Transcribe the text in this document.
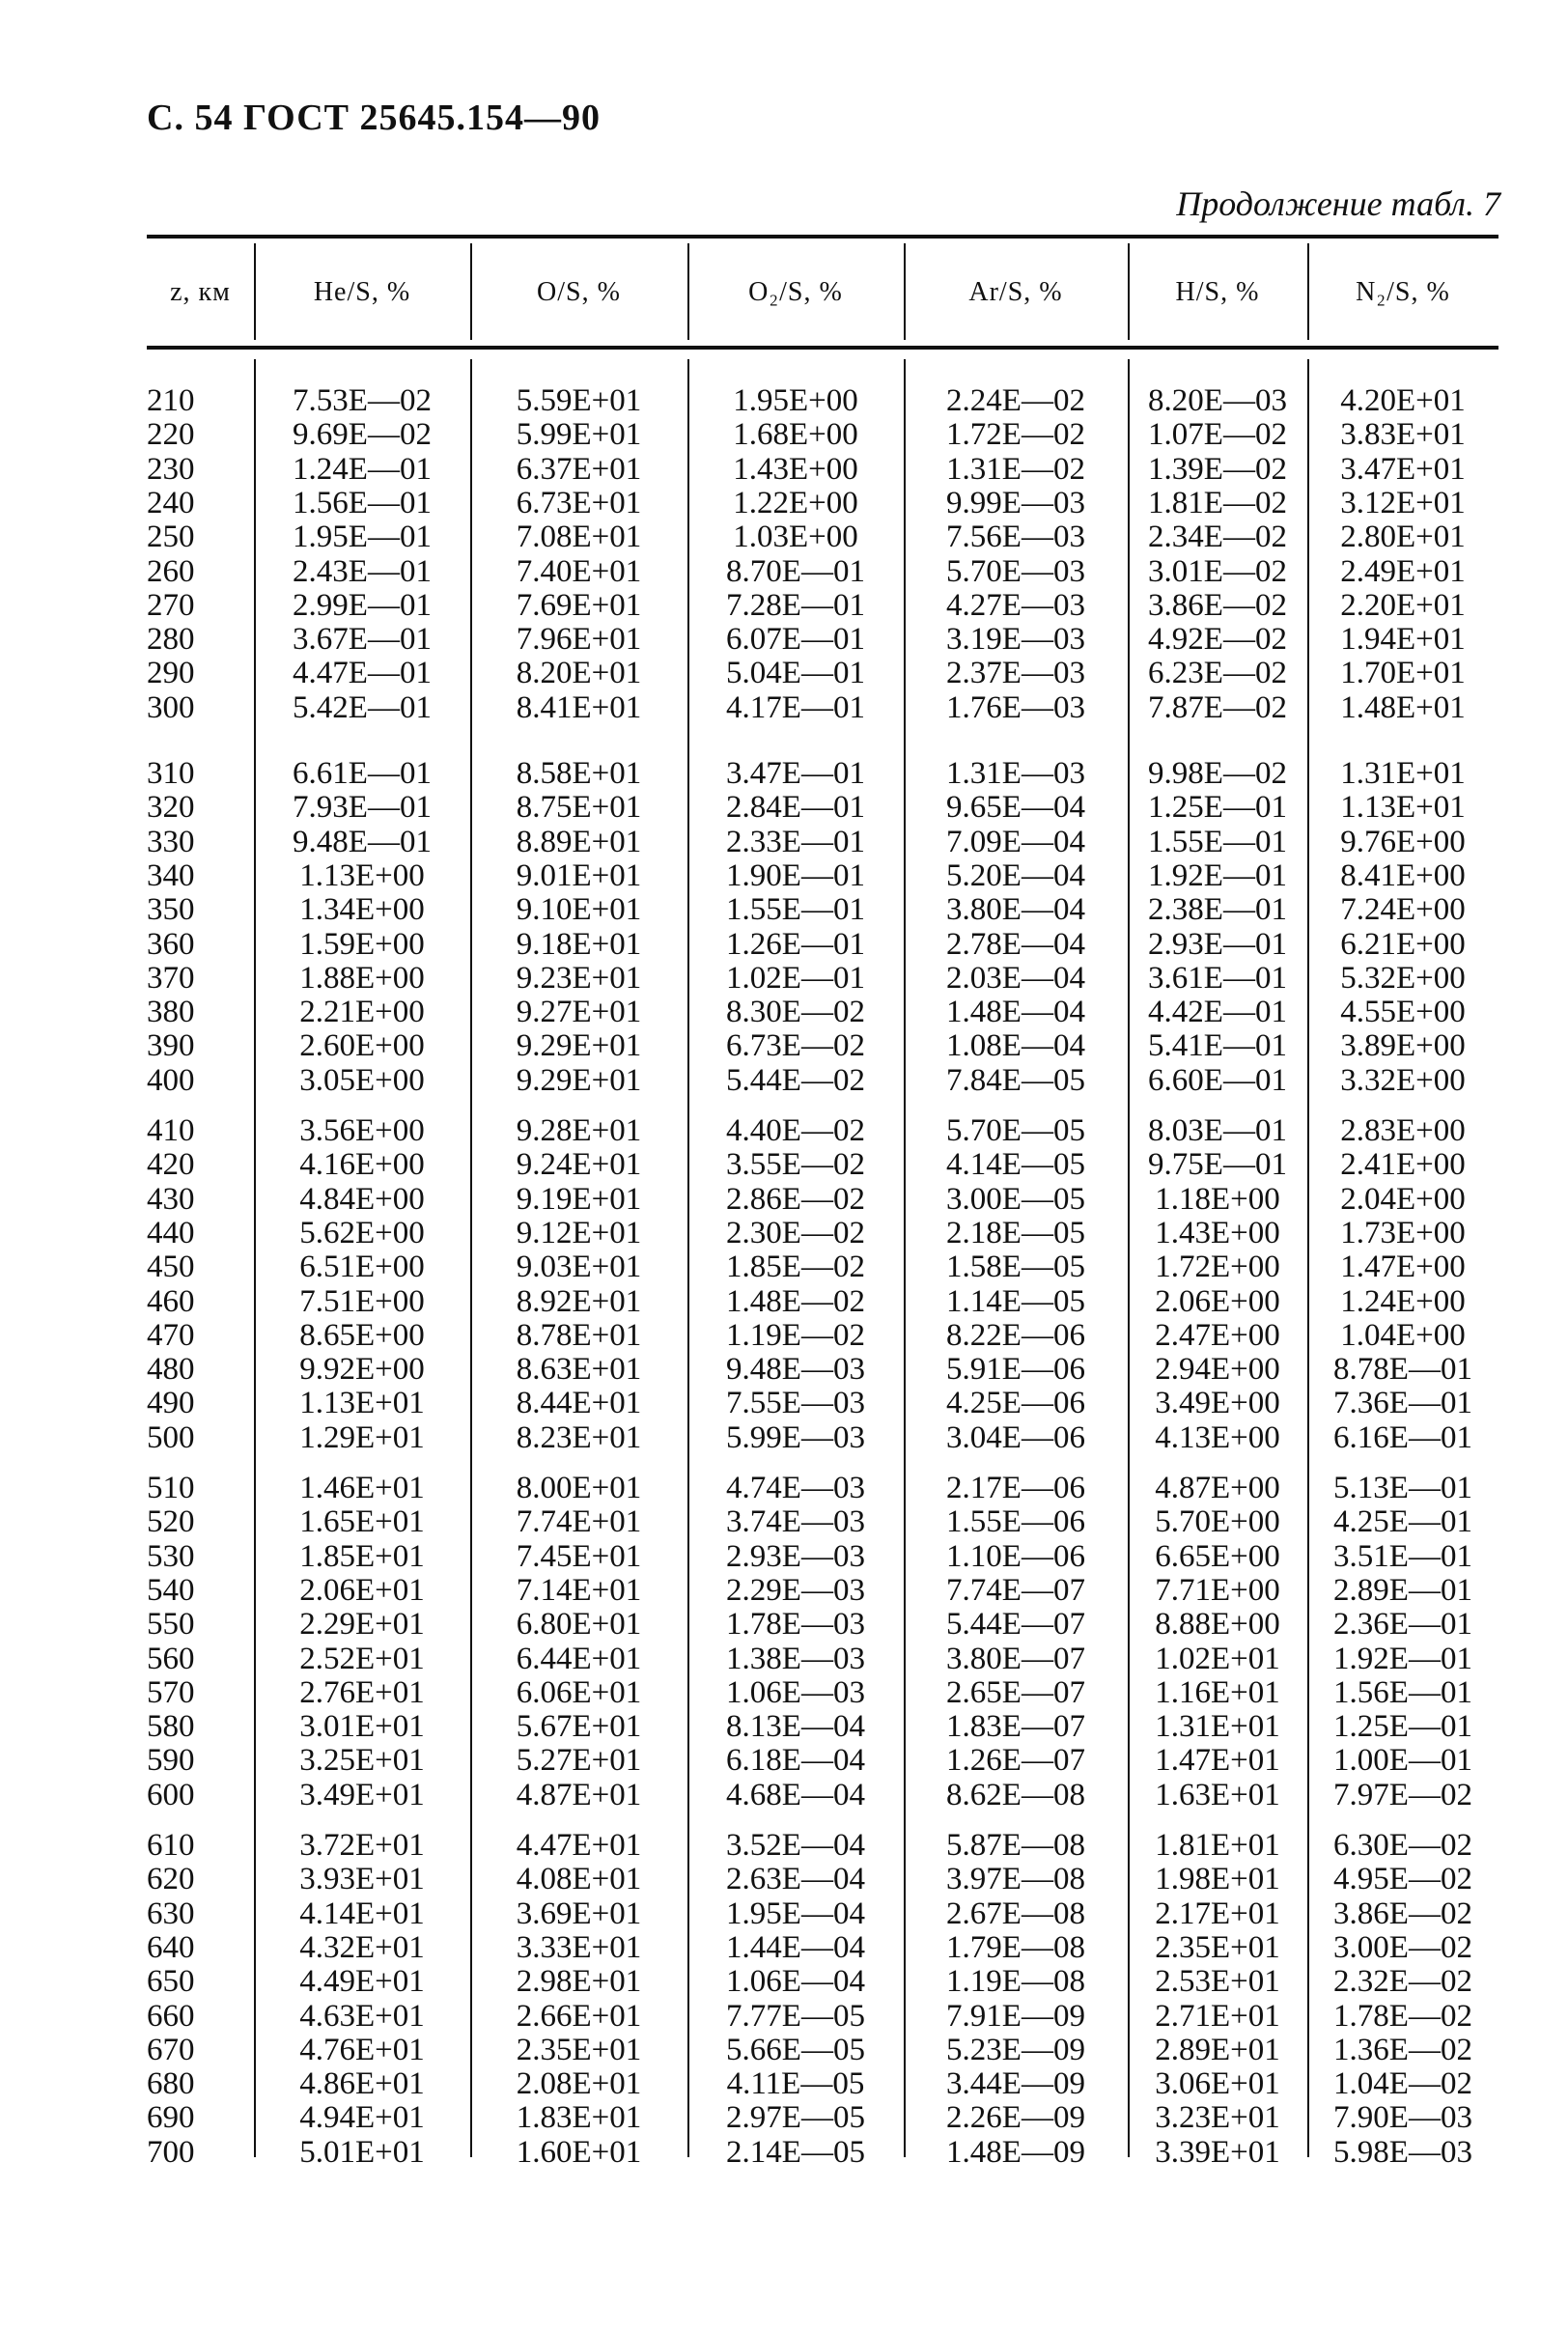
С. 54 ГОСТ 25645.154—90
Продолжение табл. 7
z, км	He/S, %	O/S, %	O₂/S, %	Ar/S, %	H/S, %	N₂/S, %
210	7.53E—02	5.59E+01	1.95E+00	2.24E—02	8.20E—03	4.20E+01
220	9.69E—02	5.99E+01	1.68E+00	1.72E—02	1.07E—02	3.83E+01
230	1.24E—01	6.37E+01	1.43E+00	1.31E—02	1.39E—02	3.47E+01
240	1.56E—01	6.73E+01	1.22E+00	9.99E—03	1.81E—02	3.12E+01
250	1.95E—01	7.08E+01	1.03E+00	7.56E—03	2.34E—02	2.80E+01
260	2.43E—01	7.40E+01	8.70E—01	5.70E—03	3.01E—02	2.49E+01
270	2.99E—01	7.69E+01	7.28E—01	4.27E—03	3.86E—02	2.20E+01
280	3.67E—01	7.96E+01	6.07E—01	3.19E—03	4.92E—02	1.94E+01
290	4.47E—01	8.20E+01	5.04E—01	2.37E—03	6.23E—02	1.70E+01
300	5.42E—01	8.41E+01	4.17E—01	1.76E—03	7.87E—02	1.48E+01
310	6.61E—01	8.58E+01	3.47E—01	1.31E—03	9.98E—02	1.31E+01
320	7.93E—01	8.75E+01	2.84E—01	9.65E—04	1.25E—01	1.13E+01
330	9.48E—01	8.89E+01	2.33E—01	7.09E—04	1.55E—01	9.76E+00
340	1.13E+00	9.01E+01	1.90E—01	5.20E—04	1.92E—01	8.41E+00
350	1.34E+00	9.10E+01	1.55E—01	3.80E—04	2.38E—01	7.24E+00
360	1.59E+00	9.18E+01	1.26E—01	2.78E—04	2.93E—01	6.21E+00
370	1.88E+00	9.23E+01	1.02E—01	2.03E—04	3.61E—01	5.32E+00
380	2.21E+00	9.27E+01	8.30E—02	1.48E—04	4.42E—01	4.55E+00
390	2.60E+00	9.29E+01	6.73E—02	1.08E—04	5.41E—01	3.89E+00
400	3.05E+00	9.29E+01	5.44E—02	7.84E—05	6.60E—01	3.32E+00
410	3.56E+00	9.28E+01	4.40E—02	5.70E—05	8.03E—01	2.83E+00
420	4.16E+00	9.24E+01	3.55E—02	4.14E—05	9.75E—01	2.41E+00
430	4.84E+00	9.19E+01	2.86E—02	3.00E—05	1.18E+00	2.04E+00
440	5.62E+00	9.12E+01	2.30E—02	2.18E—05	1.43E+00	1.73E+00
450	6.51E+00	9.03E+01	1.85E—02	1.58E—05	1.72E+00	1.47E+00
460	7.51E+00	8.92E+01	1.48E—02	1.14E—05	2.06E+00	1.24E+00
470	8.65E+00	8.78E+01	1.19E—02	8.22E—06	2.47E+00	1.04E+00
480	9.92E+00	8.63E+01	9.48E—03	5.91E—06	2.94E+00	8.78E—01
490	1.13E+01	8.44E+01	7.55E—03	4.25E—06	3.49E+00	7.36E—01
500	1.29E+01	8.23E+01	5.99E—03	3.04E—06	4.13E+00	6.16E—01
510	1.46E+01	8.00E+01	4.74E—03	2.17E—06	4.87E+00	5.13E—01
520	1.65E+01	7.74E+01	3.74E—03	1.55E—06	5.70E+00	4.25E—01
530	1.85E+01	7.45E+01	2.93E—03	1.10E—06	6.65E+00	3.51E—01
540	2.06E+01	7.14E+01	2.29E—03	7.74E—07	7.71E+00	2.89E—01
550	2.29E+01	6.80E+01	1.78E—03	5.44E—07	8.88E+00	2.36E—01
560	2.52E+01	6.44E+01	1.38E—03	3.80E—07	1.02E+01	1.92E—01
570	2.76E+01	6.06E+01	1.06E—03	2.65E—07	1.16E+01	1.56E—01
580	3.01E+01	5.67E+01	8.13E—04	1.83E—07	1.31E+01	1.25E—01
590	3.25E+01	5.27E+01	6.18E—04	1.26E—07	1.47E+01	1.00E—01
600	3.49E+01	4.87E+01	4.68E—04	8.62E—08	1.63E+01	7.97E—02
610	3.72E+01	4.47E+01	3.52E—04	5.87E—08	1.81E+01	6.30E—02
620	3.93E+01	4.08E+01	2.63E—04	3.97E—08	1.98E+01	4.95E—02
630	4.14E+01	3.69E+01	1.95E—04	2.67E—08	2.17E+01	3.86E—02
640	4.32E+01	3.33E+01	1.44E—04	1.79E—08	2.35E+01	3.00E—02
650	4.49E+01	2.98E+01	1.06E—04	1.19E—08	2.53E+01	2.32E—02
660	4.63E+01	2.66E+01	7.77E—05	7.91E—09	2.71E+01	1.78E—02
670	4.76E+01	2.35E+01	5.66E—05	5.23E—09	2.89E+01	1.36E—02
680	4.86E+01	2.08E+01	4.11E—05	3.44E—09	3.06E+01	1.04E—02
690	4.94E+01	1.83E+01	2.97E—05	2.26E—09	3.23E+01	7.90E—03
700	5.01E+01	1.60E+01	2.14E—05	1.48E—09	3.39E+01	5.98E—03
